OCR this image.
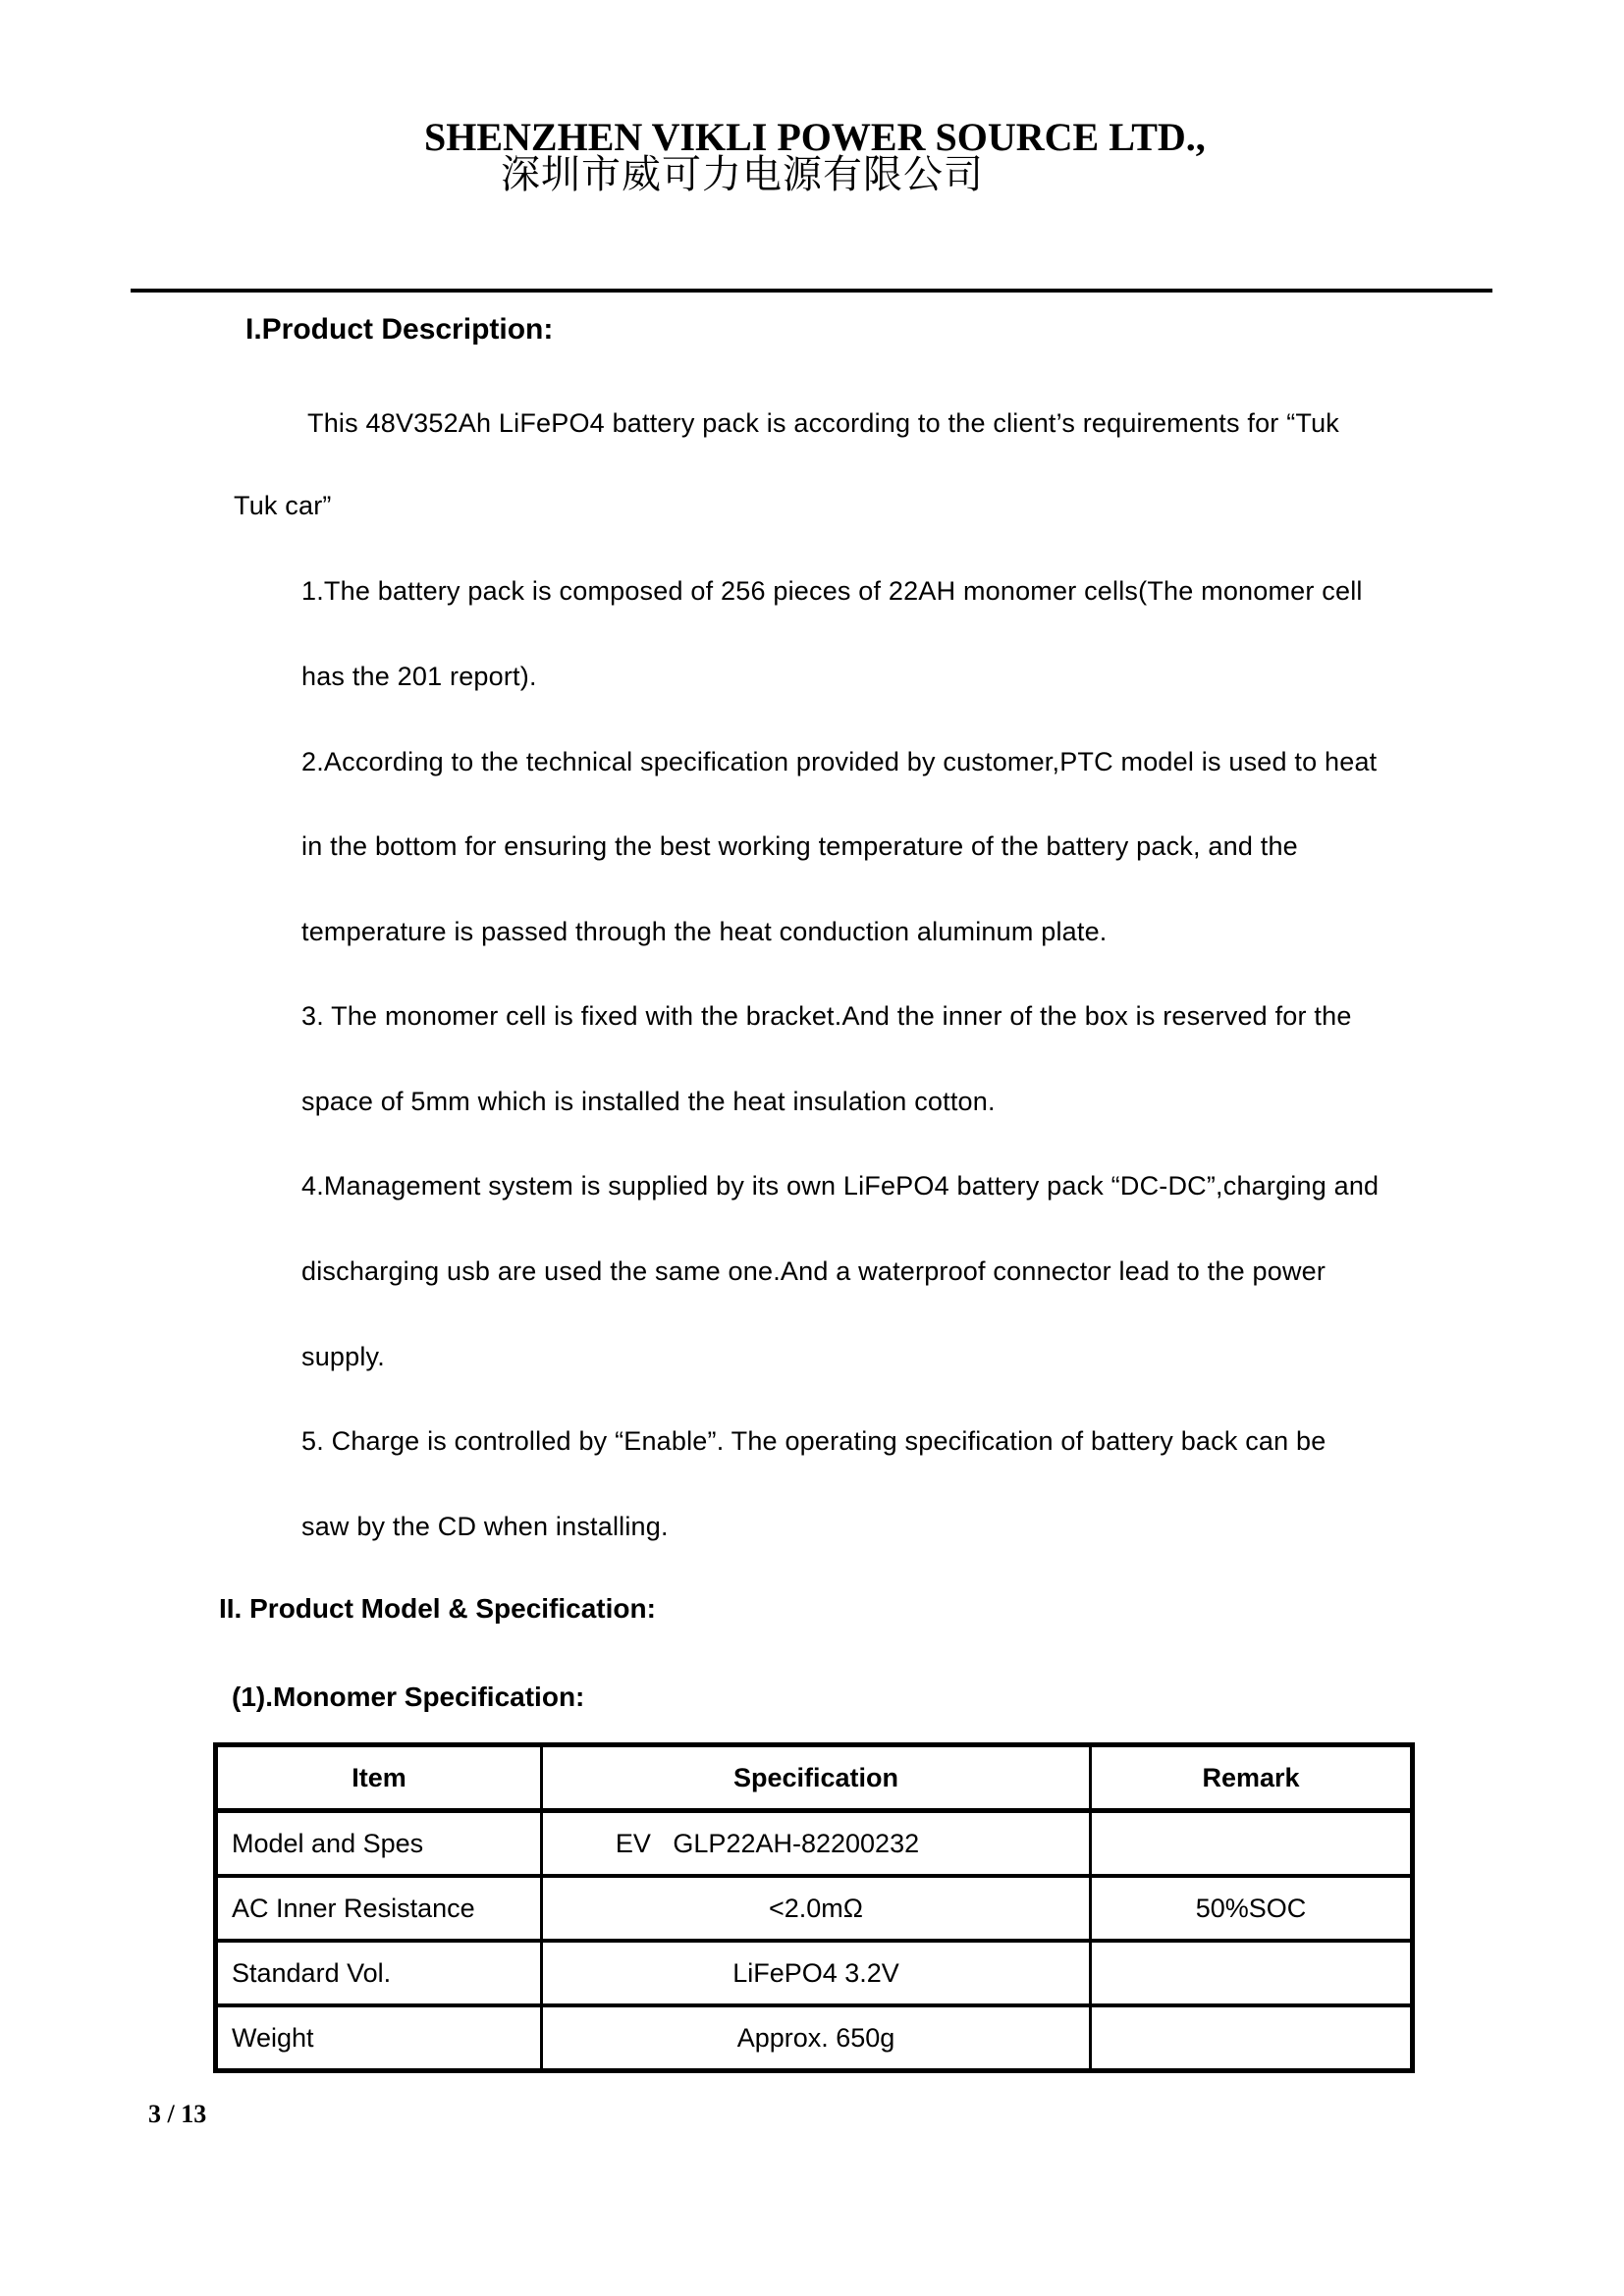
SHENZHEN VIKLI POWER SOURCE LTD.,
深圳市威可力电源有限公司
I.Product Description:
This 48V352Ah LiFePO4 battery pack is according to the client’s requirements for “Tuk
Tuk car”
1.The battery pack is composed of 256 pieces of 22AH monomer cells(The monomer cell
has the 201 report).
2.According to the technical specification provided by customer,PTC model is used to heat
in the bottom for ensuring the best working temperature of the battery pack, and the
temperature is passed through the heat conduction aluminum plate.
3. The monomer cell is fixed with the bracket.And the inner of the box is reserved for the
space of 5mm which is installed the heat insulation cotton.
4.Management system is supplied by its own LiFePO4 battery pack “DC-DC”,charging and
discharging usb are used the same one.And a waterproof connector lead to the power
supply.
5. Charge is controlled by “Enable”. The operating specification of battery back can be
saw by the CD when installing.
II. Product Model & Specification:
(1).Monomer Specification:
Item	Specification	Remark
Model and Spes	EV   GLP22AH-82200232	
AC Inner Resistance	<2.0mΩ	50%SOC
Standard Vol.	LiFePO4 3.2V	
Weight	Approx. 650g	
3 / 13
